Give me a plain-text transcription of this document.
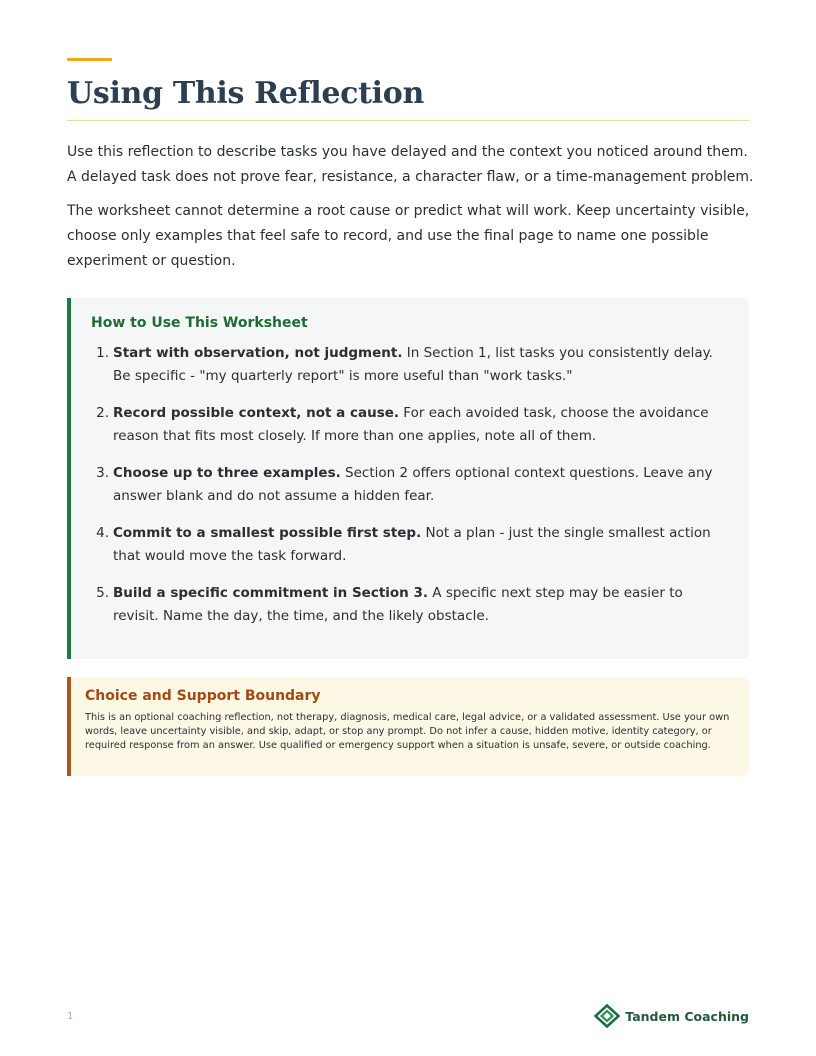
Using This Reflection

Use this reflection to describe tasks you have delayed and the context you noticed around them. A delayed task does not prove fear, resistance, a character flaw, or a time-management problem.

The worksheet cannot determine a root cause or predict what will work. Keep uncertainty visible, choose only examples that feel safe to record, and use the final page to name one possible experiment or question.

How to Use This Worksheet
1. Start with observation, not judgment. In Section 1, list tasks you consistently delay. Be specific - "my quarterly report" is more useful than "work tasks."
2. Record possible context, not a cause. For each avoided task, choose the avoidance reason that fits most closely. If more than one applies, note all of them.
3. Choose up to three examples. Section 2 offers optional context questions. Leave any answer blank and do not assume a hidden fear.
4. Commit to a smallest possible first step. Not a plan - just the single smallest action that would move the task forward.
5. Build a specific commitment in Section 3. A specific next step may be easier to revisit. Name the day, the time, and the likely obstacle.
Choice and Support Boundary

This is an optional coaching reflection, not therapy, diagnosis, medical care, legal advice, or a validated assessment. Use your own words, leave uncertainty visible, and skip, adapt, or stop any prompt. Do not infer a cause, hidden motive, identity category, or required response from an answer. Use qualified or emergency support when a situation is unsafe, severe, or outside coaching.

1	Tandem Coaching
